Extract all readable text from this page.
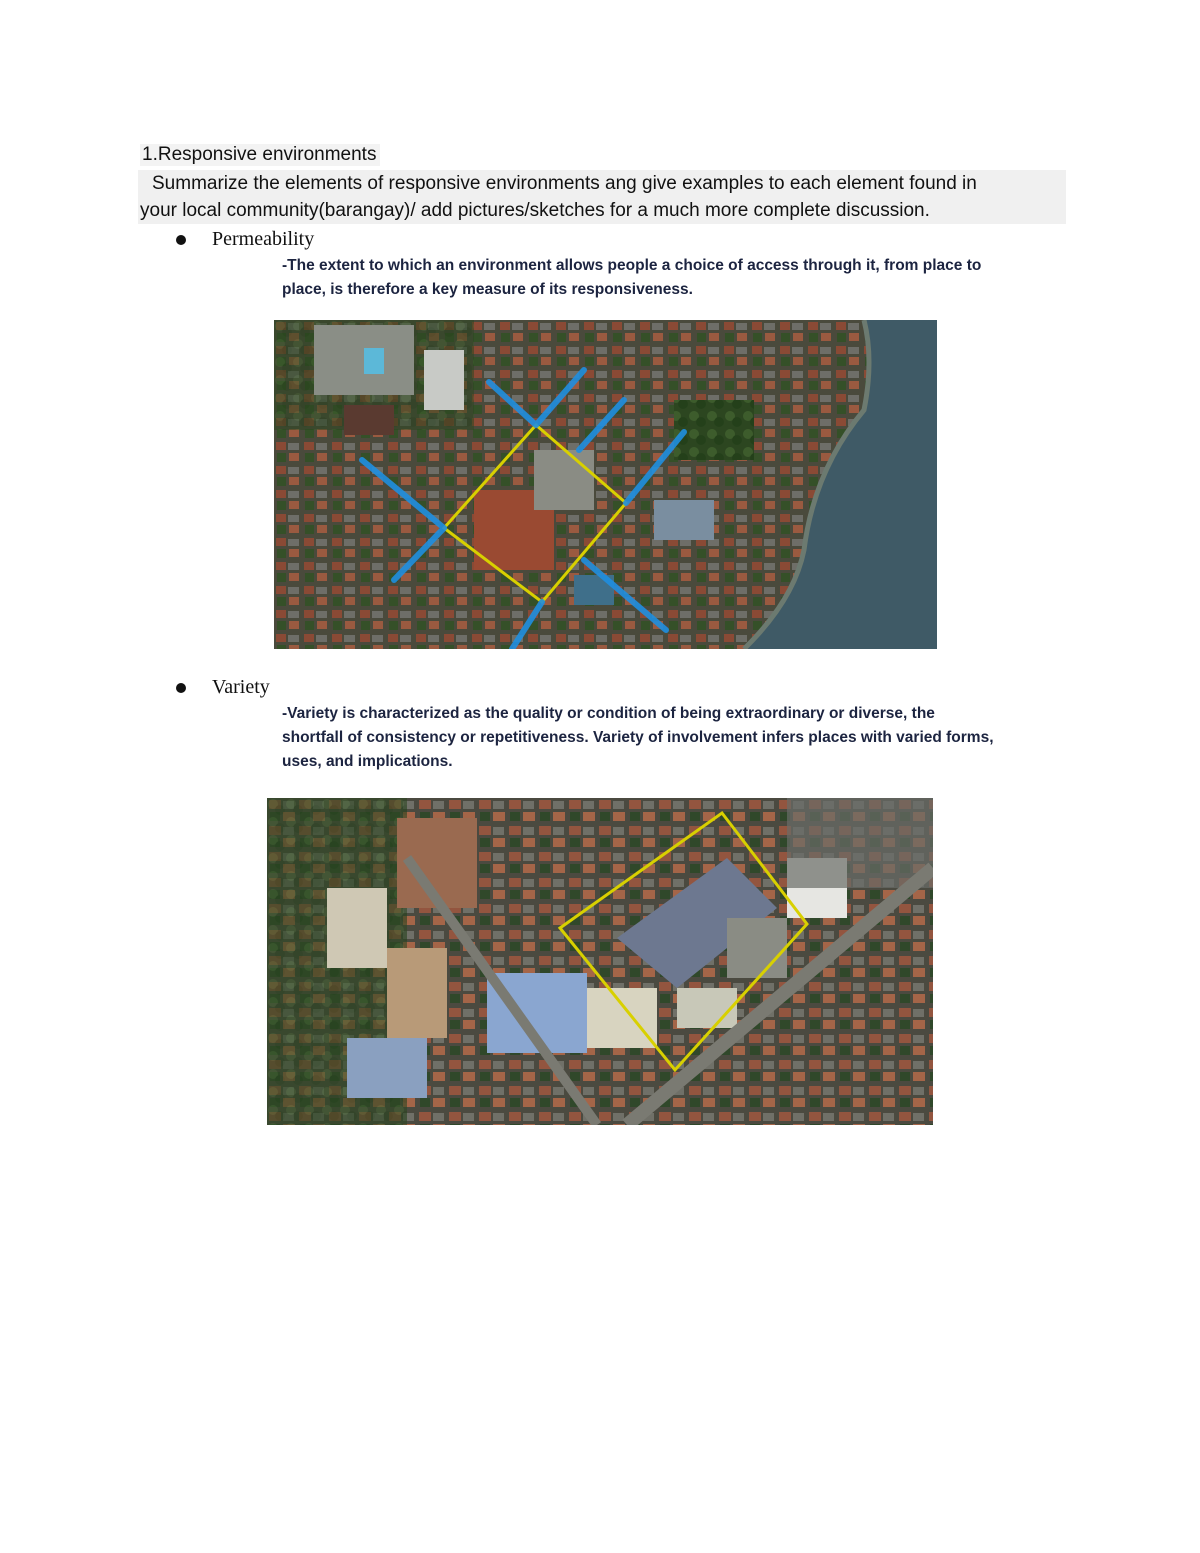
1.Responsive environments
Summarize the elements of responsive environments ang give examples to each element found in
your local community(barangay)/ add pictures/sketches for a much more complete discussion.
Permeability
-The extent to which an environment allows people a choice of access through it, from place to
place, is therefore a key measure of its responsiveness.
Variety
-Variety is characterized as the quality or condition of being extraordinary or diverse, the
shortfall of consistency or repetitiveness. Variety of involvement infers places with varied forms,
uses, and implications.
